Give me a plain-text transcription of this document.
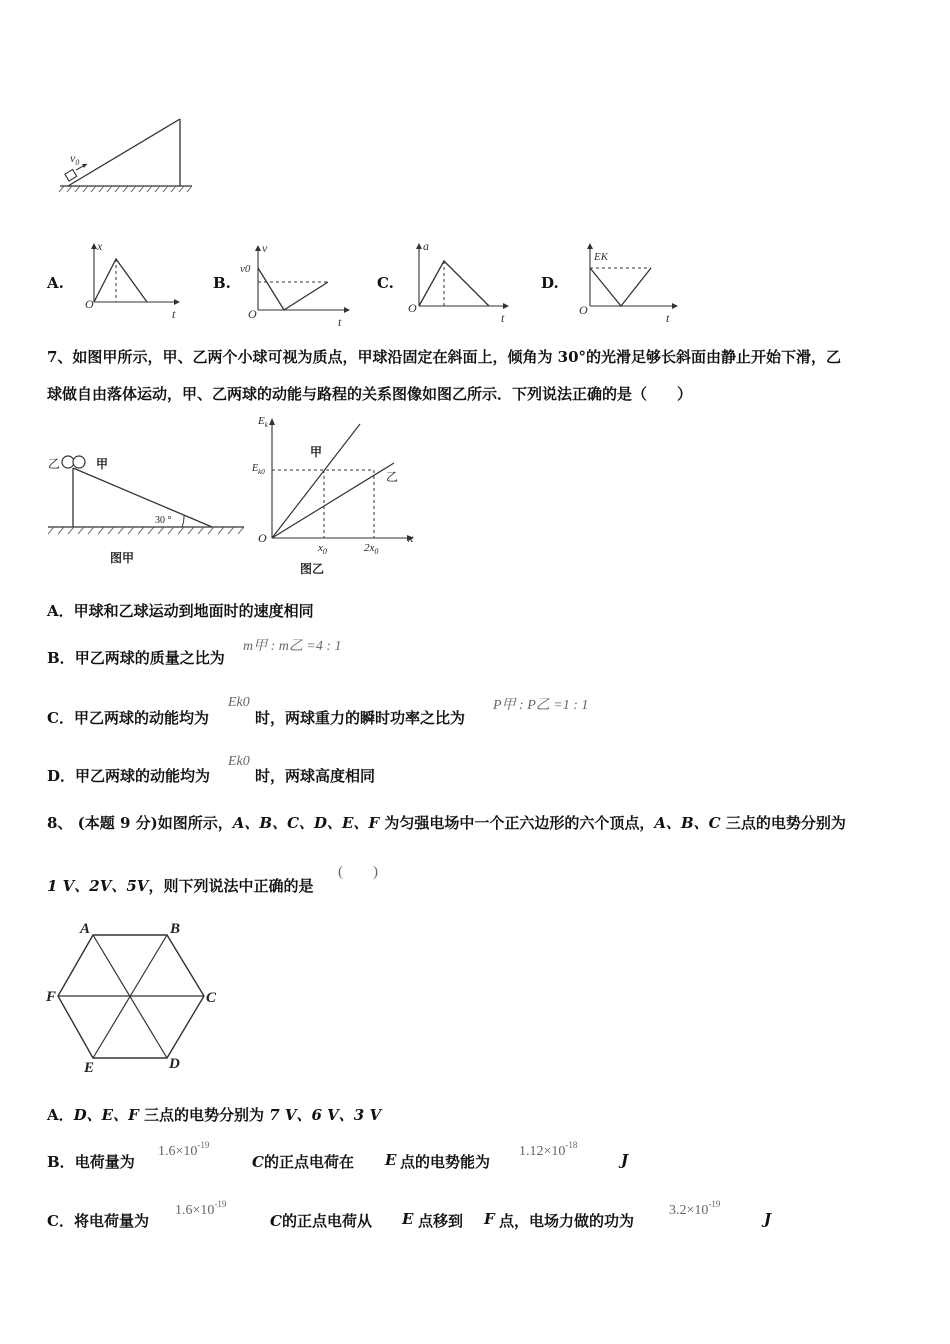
$v_0$
A.
x
O
t
B.
v
v0
O
t
C.
a
O
t
D.
EK
O
t
7、如图甲所示，甲、乙两个小球可视为质点，甲球沿固定在斜面上，倾角为 30°的光滑足够长斜面由静止开始下滑，乙
球做自由落体运动，甲、乙两球的动能与路程的关系图像如图乙所示．下列说法正确的是（　　）
乙	甲
30 °
图甲
$E_k$
$E_{k0}$
甲
乙
O
$x_0$	$2x_0$
x
图乙
A．甲球和乙球运动到地面时的速度相同
B．甲乙两球的质量之比为
m甲 : m乙 =4 : 1
C．甲乙两球的动能均为
Ek0
时，两球重力的瞬时功率之比为
P甲 : P乙 =1 : 1
D．甲乙两球的动能均为
Ek0
时，两球高度相同
8、 (本题 9 分)如图所示，A、B、C、D、E、F 为匀强电场中一个正六边形的六个顶点，A、B、C 三点的电势分别为
1 V、2V、5V，则下列说法中正确的是
(　　)
A	B
C
D
E
F
A．D、E、F 三点的电势分别为 7 V、6 V、3 V
B．电荷量为
$1.6\times 10^{-19}$
C的正点电荷在 E 点的电势能为
$1.12\times 10^{-18}$
J
C．将电荷量为
$1.6\times 10^{-19}$
C的正点电荷从 E 点移到 F 点，电场力做的功为
$3.2\times 10^{-19}$
J
